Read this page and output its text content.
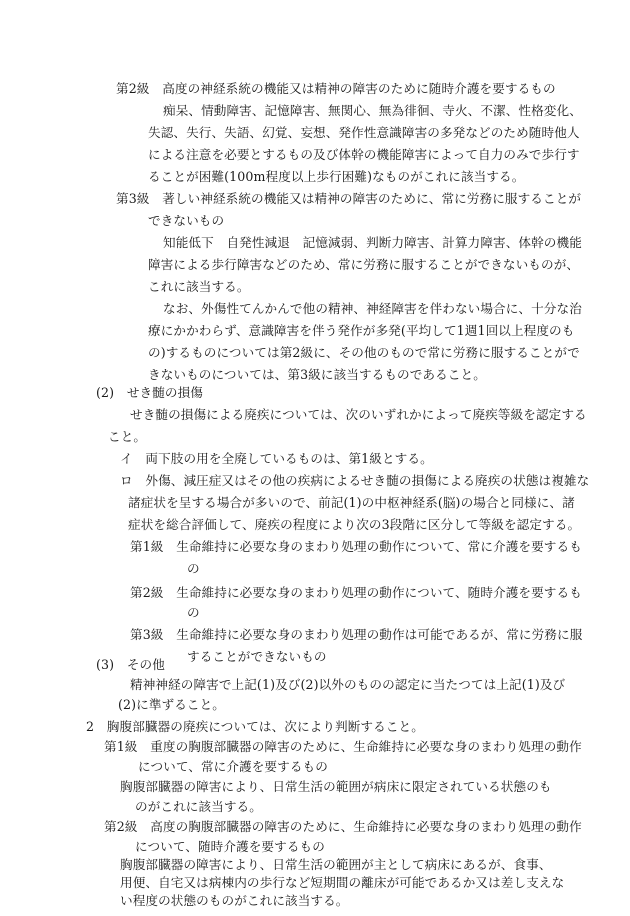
第2級　高度の神経系統の機能又は精神の障害のために随時介護を要するもの
痴呆、情動障害、記憶障害、無関心、無為徘徊、寺火、不潔、性格変化、
失認、失行、失語、幻覚、妄想、発作性意識障害の多発などのため随時他人
による注意を必要とするもの及び体幹の機能障害によって自力のみで歩行す
ることが困難(100m程度以上歩行困難)なものがこれに該当する。
第3級　著しい神経系統の機能又は精神の障害のために、常に労務に服することが
できないもの
知能低下　自発性減退　記憶減弱、判断力障害、計算力障害、体幹の機能
障害による歩行障害などのため、常に労務に服することができないものが、
これに該当する。
なお、外傷性てんかんで他の精神、神経障害を伴わない場合に、十分な治
療にかかわらず、意識障害を伴う発作が多発(平均して1週1回以上程度のも
の)するものについては第2級に、その他のもので常に労務に服することがで
きないものについては、第3級に該当するものであること。
(2)　せき髄の損傷
せき髄の損傷による廃疾については、次のいずれかによって廃疾等級を認定する
こと。
イ　両下肢の用を全廃しているものは、第1級とする。
ロ　外傷、減圧症又はその他の疾病によるせき髄の損傷による廃疾の状態は複雑な
諸症状を呈する場合が多いので、前記(1)の中枢神経系(脳)の場合と同様に、諸
症状を総合評価して、廃疾の程度により次の3段階に区分して等級を認定する。
第1級　生命維持に必要な身のまわり処理の動作について、常に介護を要するも
の
第2級　生命維持に必要な身のまわり処理の動作について、随時介護を要するも
の
第3級　生命維持に必要な身のまわり処理の動作は可能であるが、常に労務に服
することができないもの
(3)　その他
精神神経の障害で上記(1)及び(2)以外のものの認定に当たつては上記(1)及び
(2)に準ずること。
2　胸腹部臓器の廃疾については、次により判断すること。
第1級　重度の胸腹部臓器の障害のために、生命維持に必要な身のまわり処理の動作
について、常に介護を要するもの
胸腹部臓器の障害により、日常生活の範囲が病床に限定されている状態のも
のがこれに該当する。
第2級　高度の胸腹部臓器の障害のために、生命維持に必要な身のまわり処理の動作
について、随時介護を要するもの
胸腹部臓器の障害により、日常生活の範囲が主として病床にあるが、食事、
用便、自宅又は病棟内の歩行など短期間の離床が可能であるか又は差し支えな
い程度の状態のものがこれに該当する。
